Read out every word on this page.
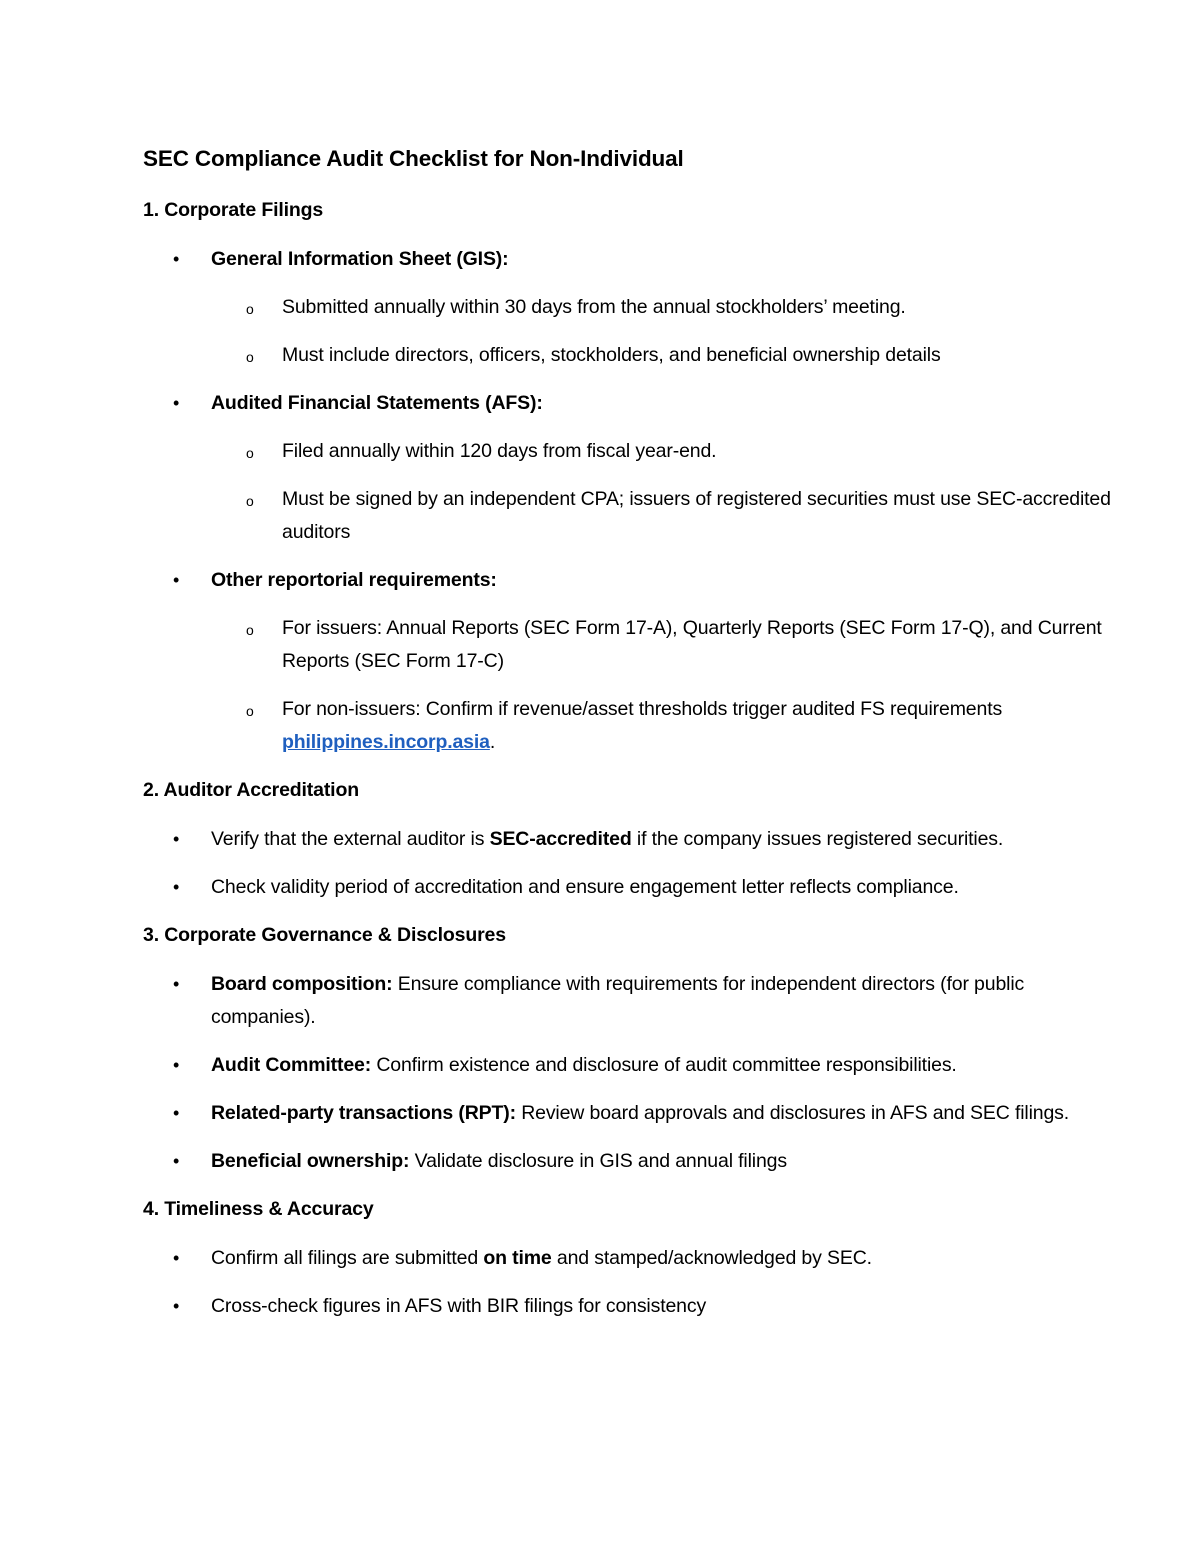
SEC Compliance Audit Checklist for Non-Individual
1. Corporate Filings
• General Information Sheet (GIS):
o Submitted annually within 30 days from the annual stockholders’ meeting.
o Must include directors, officers, stockholders, and beneficial ownership details
• Audited Financial Statements (AFS):
o Filed annually within 120 days from fiscal year-end.
o Must be signed by an independent CPA; issuers of registered securities must use SEC-accredited auditors
• Other reportorial requirements:
o For issuers: Annual Reports (SEC Form 17-A), Quarterly Reports (SEC Form 17-Q), and Current Reports (SEC Form 17-C)
o For non-issuers: Confirm if revenue/asset thresholds trigger audited FS requirements philippines.incorp.asia.
2. Auditor Accreditation
• Verify that the external auditor is SEC-accredited if the company issues registered securities.
• Check validity period of accreditation and ensure engagement letter reflects compliance.
3. Corporate Governance & Disclosures
• Board composition: Ensure compliance with requirements for independent directors (for public companies).
• Audit Committee: Confirm existence and disclosure of audit committee responsibilities.
• Related-party transactions (RPT): Review board approvals and disclosures in AFS and SEC filings.
• Beneficial ownership: Validate disclosure in GIS and annual filings
4. Timeliness & Accuracy
• Confirm all filings are submitted on time and stamped/acknowledged by SEC.
• Cross-check figures in AFS with BIR filings for consistency
